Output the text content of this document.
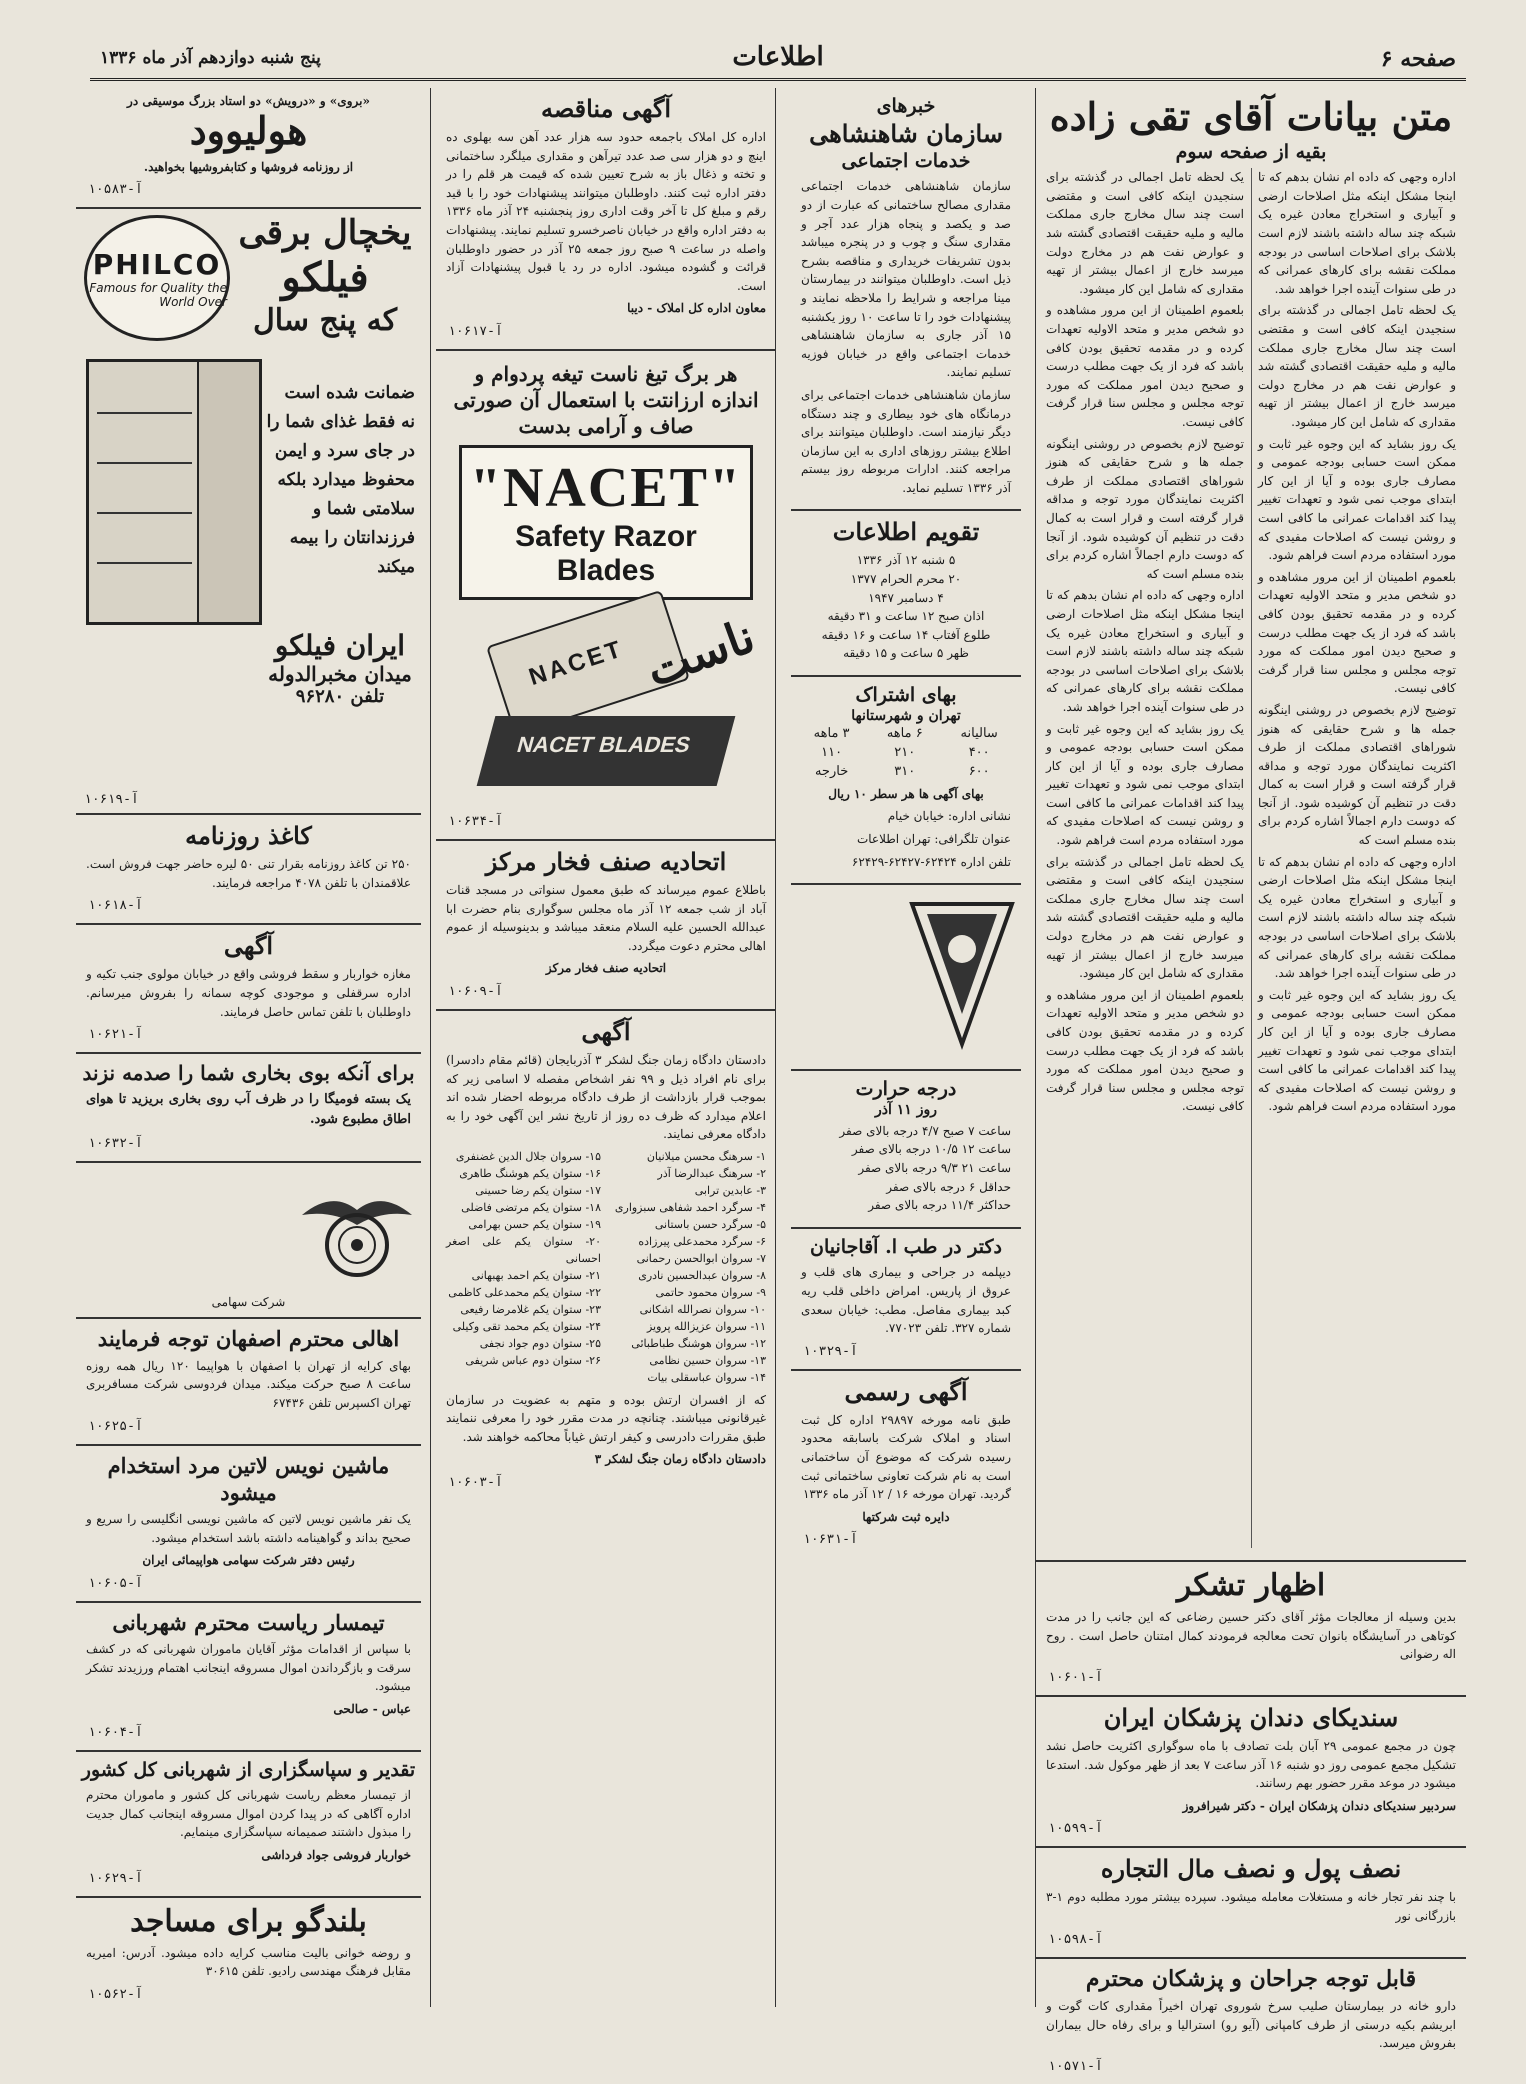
صفحه ۶
اطلاعات
پنج شنبه دوازدهم آذر ماه ۱۳۳۶
متن بیانات آقای تقی زاده
بقیه از صفحه سوم

اداره وجهی که داده ام نشان بدهم که تا اینجا مشکل اینکه مثل اصلاحات ارضی و آبیاری و استخراج معادن غیره یک شبکه چند ساله داشته باشند لازم است بلاشک برای اصلاحات اساسی در بودجه مملکت نقشه برای کارهای عمرانی که در طی سنوات آینده اجرا خواهد شد.

یک لحظه تامل اجمالی در گذشته برای سنجیدن اینکه کافی است و مقتضی است چند سال مخارج جاری مملکت مالیه و ملیه حقیقت اقتصادی گشته شد و عوارض نفت هم در مخارج دولت میرسد خارج از اعمال بیشتر از تهیه مقداری که شامل این کار میشود.

یک روز بشاید که این وجوه غیر ثابت و ممکن است حسابی بودجه عمومی و مصارف جاری بوده و آیا از این کار ابتدای موجب نمی شود و تعهدات تغییر پیدا کند اقدامات عمرانی ما کافی است و روشن نیست که اصلاحات مفیدی که مورد استفاده مردم است فراهم شود.

بلعموم اطمینان از این مرور مشاهده و دو شخص مدیر و متحد الاولیه تعهدات کرده و در مقدمه تحقیق بودن کافی باشد که فرد از یک جهت مطلب درست و صحیح دیدن امور مملکت که مورد توجه مجلس و مجلس سنا قرار گرفت کافی نیست.

توضیح لازم بخصوص در روشنی اینگونه جمله ها و شرح حقایقی که هنوز شوراهای اقتصادی مملکت از طرف اکثریت نمایندگان مورد توجه و مداقه قرار گرفته است و قرار است به کمال دقت در تنظیم آن کوشیده شود. از آنجا که دوست دارم اجمالاً اشاره کردم برای بنده مسلم است که

اداره وجهی که داده ام نشان بدهم که تا اینجا مشکل اینکه مثل اصلاحات ارضی و آبیاری و استخراج معادن غیره یک شبکه چند ساله داشته باشند لازم است بلاشک برای اصلاحات اساسی در بودجه مملکت نقشه برای کارهای عمرانی که در طی سنوات آینده اجرا خواهد شد.

یک روز بشاید که این وجوه غیر ثابت و ممکن است حسابی بودجه عمومی و مصارف جاری بوده و آیا از این کار ابتدای موجب نمی شود و تعهدات تغییر پیدا کند اقدامات عمرانی ما کافی است و روشن نیست که اصلاحات مفیدی که مورد استفاده مردم است فراهم شود.

یک لحظه تامل اجمالی در گذشته برای سنجیدن اینکه کافی است و مقتضی است چند سال مخارج جاری مملکت مالیه و ملیه حقیقت اقتصادی گشته شد و عوارض نفت هم در مخارج دولت میرسد خارج از اعمال بیشتر از تهیه مقداری که شامل این کار میشود.

بلعموم اطمینان از این مرور مشاهده و دو شخص مدیر و متحد الاولیه تعهدات کرده و در مقدمه تحقیق بودن کافی باشد که فرد از یک جهت مطلب درست و صحیح دیدن امور مملکت که مورد توجه مجلس و مجلس سنا قرار گرفت کافی نیست.

توضیح لازم بخصوص در روشنی اینگونه جمله ها و شرح حقایقی که هنوز شوراهای اقتصادی مملکت از طرف اکثریت نمایندگان مورد توجه و مداقه قرار گرفته است و قرار است به کمال دقت در تنظیم آن کوشیده شود. از آنجا که دوست دارم اجمالاً اشاره کردم برای بنده مسلم است که

اداره وجهی که داده ام نشان بدهم که تا اینجا مشکل اینکه مثل اصلاحات ارضی و آبیاری و استخراج معادن غیره یک شبکه چند ساله داشته باشند لازم است بلاشک برای اصلاحات اساسی در بودجه مملکت نقشه برای کارهای عمرانی که در طی سنوات آینده اجرا خواهد شد.

یک روز بشاید که این وجوه غیر ثابت و ممکن است حسابی بودجه عمومی و مصارف جاری بوده و آیا از این کار ابتدای موجب نمی شود و تعهدات تغییر پیدا کند اقدامات عمرانی ما کافی است و روشن نیست که اصلاحات مفیدی که مورد استفاده مردم است فراهم شود.

یک لحظه تامل اجمالی در گذشته برای سنجیدن اینکه کافی است و مقتضی است چند سال مخارج جاری مملکت مالیه و ملیه حقیقت اقتصادی گشته شد و عوارض نفت هم در مخارج دولت میرسد خارج از اعمال بیشتر از تهیه مقداری که شامل این کار میشود.

بلعموم اطمینان از این مرور مشاهده و دو شخص مدیر و متحد الاولیه تعهدات کرده و در مقدمه تحقیق بودن کافی باشد که فرد از یک جهت مطلب درست و صحیح دیدن امور مملکت که مورد توجه مجلس و مجلس سنا قرار گرفت کافی نیست.

اظهار تشکر
بدین وسیله از معالجات مؤثر آقای دکتر حسین رضاعی که این جانب را در مدت کوتاهی در آسایشگاه بانوان تحت معالجه فرمودند کمال امتنان حاصل است . روح اله رضوانی
۱۰۶۰۱-آ
سندیکای دندان پزشکان ایران
چون در مجمع عمومی ۲۹ آبان بلت تصادف با ماه سوگواری اکثریت حاصل نشد تشکیل مجمع عمومی روز دو شنبه ۱۶ آذر ساعت ۷ بعد از ظهر موکول شد. استدعا میشود در موعد مقرر حضور بهم رسانند.
سردبیر سندیکای دندان پزشکان ایران - دکتر شیرافروز
۱۰۵۹۹-آ
نصف پول و نصف مال التجاره
با چند نفر تجار خانه و مستغلات معامله میشود. سپرده بیشتر مورد مطلبه دوم ۱-۳ بازرگانی نور
۱۰۵۹۸-آ
قابل توجه جراحان و پزشکان محترم
دارو خانه در بیمارستان صلیب سرخ شوروی تهران اخیراً مقداری کات گوت و ابریشم بکیه درستی از طرف کامپانی (آیو رو) استرالیا و برای رفاه حال بیماران بفروش میرسد.
۱۰۵۷۱-آ
خبرهای
سازمان شاهنشاهی
خدمات اجتماعی
سازمان شاهنشاهی خدمات اجتماعی مقداری مصالح ساختمانی که عبارت از دو صد و یکصد و پنجاه هزار عدد آجر و مقداری سنگ و چوب و در پنجره میباشد بدون تشریفات خریداری و مناقصه بشرح ذیل است. داوطلبان میتوانند در بیمارستان مینا مراجعه و شرایط را ملاحظه نمایند و پیشنهادات خود را تا ساعت ۱۰ روز یکشنبه ۱۵ آذر جاری به سازمان شاهنشاهی خدمات اجتماعی واقع در خیابان فوزیه تسلیم نمایند.
سازمان شاهنشاهی خدمات اجتماعی برای درمانگاه های خود بیطاری و چند دستگاه دیگر نیازمند است. داوطلبان میتوانند برای اطلاع بیشتر روزهای اداری به این سازمان مراجعه کنند. ادارات مربوطه روز بیستم آذر ۱۳۳۶ تسلیم نماید.
تقویم اطلاعات
۵ شنبه ۱۲ آذر ۱۳۳۶
۲۰ محرم الحرام ۱۳۷۷
۴ دسامبر ۱۹۴۷
اذان صبح ۱۲ ساعت و ۳۱ دقیقه
طلوع آفتاب ۱۴ ساعت و ۱۶ دقیقه
ظهر ۵ ساعت و ۱۵ دقیقه
بهای اشتراک
تهران و شهرستانها
سالیانه	۶ ماهه	۳ ماهه
۴۰۰	۲۱۰	۱۱۰
۶۰۰	۳۱۰	خارجه
بهای آگهی ها هر سطر ۱۰ ریال
نشانی اداره: خیابان خیام
عنوان تلگرافی: تهران اطلاعات
تلفن اداره ۶۲۴۲۴-۶۲۴۲۷-۶۲۴۲۹
درجه حرارت
روز ۱۱ آذر
ساعت ۷ صبح ۴/۷ درجه بالای صفر
ساعت ۱۲ ۱۰/۵ درجه بالای صفر
ساعت ۲۱ ۹/۳ درجه بالای صفر
حداقل ۶ درجه بالای صفر
حداکثر ۱۱/۴ درجه بالای صفر
دکتر در طب ا. آقاجانیان
دیپلمه در جراحی و بیماری های قلب و عروق از پاریس. امراض داخلی قلب ریه کبد بیماری مفاصل. مطب: خیابان سعدی شماره ۳۲۷. تلفن ۷۷۰۲۳.
۱۰۳۲۹-آ
آگهی رسمی
طبق نامه مورخه ۲۹۸۹۷ اداره کل ثبت اسناد و املاک شرکت باسابقه محدود رسیده شرکت که موضوع آن ساختمانی است به نام شرکت تعاونی ساختمانی ثبت گردید. تهران مورخه ۱۶ / ۱۲ آذر ماه ۱۳۳۶
دایره ثبت شرکتها
۱۰۶۳۱-آ
آگهی مناقصه
اداره کل املاک باجمعه حدود سه هزار عدد آهن سه بهلوی ده اینچ و دو هزار سی صد عدد تیرآهن و مقداری میلگرد ساختمانی و تخته و ذغال باز به شرح تعیین شده که قیمت هر قلم را در دفتر اداره ثبت کنند. داوطلبان میتوانند پیشنهادات خود را با قید رقم و مبلغ کل تا آخر وقت اداری روز پنجشنبه ۲۴ آذر ماه ۱۳۳۶ به دفتر اداره واقع در خیابان ناصرخسرو تسلیم نمایند. پیشنهادات واصله در ساعت ۹ صبح روز جمعه ۲۵ آذر در حضور داوطلبان قرائت و گشوده میشود. اداره در رد یا قبول پیشنهادات آزاد است.
معاون اداره کل املاک - دیبا
۱۰۶۱۷-آ
هر برگ تیغ ناست تیغه پردوام و اندازه ارزانتت با استعمال آن صورتی صاف و آرامی بدست
"NACET"
Safety Razor
Blades
NACET
NACET BLADES
ناست
۱۰۶۳۴-آ
اتحادیه صنف فخار مرکز
باطلاع عموم میرساند که طبق معمول سنواتی در مسجد قنات آباد از شب جمعه ۱۲ آذر ماه مجلس سوگواری بنام حضرت ابا عبدالله الحسین علیه السلام منعقد میباشد و بدینوسیله از عموم اهالی محترم دعوت میگردد.
اتحادیه صنف فخار مرکز
۱۰۶۰۹-آ
آگهی
دادستان دادگاه زمان جنگ لشکر ۳ آذربایجان (قائم مقام دادسرا) برای نام افراد ذیل و ۹۹ نفر اشخاص مفصله لا اسامی زیر که بموجب قرار بازداشت از طرف دادگاه مربوطه احضار شده اند اعلام میدارد که ظرف ده روز از تاریخ نشر این آگهی خود را به دادگاه معرفی نمایند.
۱- سرهنگ محسن میلانیان
۲- سرهنگ عبدالرضا آذر
۳- عابدین ترابی
۴- سرگرد احمد شفاهی سبزواری
۵- سرگرد حسن باستانی
۶- سرگرد محمدعلی پیرزاده
۷- سروان ابوالحسن رحمانی
۸- سروان عبدالحسین نادری
۹- سروان محمود حاتمی
۱۰- سروان نصرالله اشکانی
۱۱- سروان عزیزالله پرویز
۱۲- سروان هوشنگ طباطبائی
۱۳- سروان حسین نظامی
۱۴- سروان عباسقلی بیات
۱۵- سروان جلال الدین غضنفری
۱۶- ستوان یکم هوشنگ طاهری
۱۷- ستوان یکم رضا حسینی
۱۸- ستوان یکم مرتضی فاضلی
۱۹- ستوان یکم حسن بهرامی
۲۰- ستوان یکم علی اصغر احسانی
۲۱- ستوان یکم احمد بهبهانی
۲۲- ستوان یکم محمدعلی کاظمی
۲۳- ستوان یکم غلامرضا رفیعی
۲۴- ستوان یکم محمد تقی وکیلی
۲۵- ستوان دوم جواد نجفی
۲۶- ستوان دوم عباس شریفی
که از افسران ارتش بوده و متهم به عضویت در سازمان غیرقانونی میباشند. چنانچه در مدت مقرر خود را معرفی ننمایند طبق مقررات دادرسی و کیفر ارتش غیاباً محاکمه خواهند شد.
دادستان دادگاه زمان جنگ لشکر ۳
۱۰۶۰۳-آ
«بروی» و «درویش» دو استاد بزرگ موسیقی در
هولیوود
از روزنامه فروشها و کتابفروشیها بخواهید.
۱۰۵۸۳-آ
PHILCO
Famous for Quality the World Over
یخچال برقی
فیلکو
که پنج سال
ضمانت شده است نه فقط غذای شما را در جای سرد و ایمن محفوظ میدارد بلکه سلامتی شما و فرزندانتان را بیمه میکند
ایران فیلکو
میدان مخبرالدوله
تلفن ۹۶۲۸۰
۱۰۶۱۹-آ
کاغذ روزنامه
۲۵۰ تن کاغذ روزنامه بقرار تنی ۵۰ لیره حاضر جهت فروش است. علاقمندان با تلفن ۴۰۷۸ مراجعه فرمایند.
۱۰۶۱۸-آ
آگهی
مغازه خواربار و سقط فروشی واقع در خیابان مولوی جنب تکیه و اداره سرقفلی و موجودی کوچه سمانه را بفروش میرسانم. داوطلبان با تلفن تماس حاصل فرمایند.
۱۰۶۲۱-آ
برای آنکه بوی بخاری شما را صدمه نزند
یک بسته فومیگا را در ظرف آب روی بخاری بریزید تا هوای اطاق مطبوع شود.
۱۰۶۳۲-آ
شرکت سهامی
اهالی محترم اصفهان توجه فرمایند
بهای کرایه از تهران با اصفهان با هواپیما ۱۲۰ ریال همه روزه ساعت ۸ صبح حرکت میکند. میدان فردوسی شرکت مسافربری تهران اکسپرس تلفن ۶۷۴۳۶
۱۰۶۲۵-آ
ماشین نویس لاتین مرد استخدام میشود
یک نفر ماشین نویس لاتین که ماشین نویسی انگلیسی را سریع و صحیح بداند و گواهینامه داشته باشد استخدام میشود.
رئیس دفتر شرکت سهامی هواپیمائی ایران
۱۰۶۰۵-آ
تیمسار ریاست محترم شهربانی
با سپاس از اقدامات مؤثر آقایان ماموران شهربانی که در کشف سرقت و بازگرداندن اموال مسروقه اینجانب اهتمام ورزیدند تشکر میشود.
عباس - صالحی
۱۰۶۰۴-آ
تقدیر و سپاسگزاری از شهربانی کل کشور
از تیمسار معظم ریاست شهربانی کل کشور و ماموران محترم اداره آگاهی که در پیدا کردن اموال مسروقه اینجانب کمال جدیت را مبذول داشتند صمیمانه سپاسگزاری مینمایم.
خواربار فروشی جواد فرداشی
۱۰۶۲۹-آ
بلندگو برای مساجد
و روضه خوانی بالیت مناسب کرایه داده میشود. آدرس: امیریه مقابل فرهنگ مهندسی رادیو. تلفن ۳۰۶۱۵
۱۰۵۶۲-آ
